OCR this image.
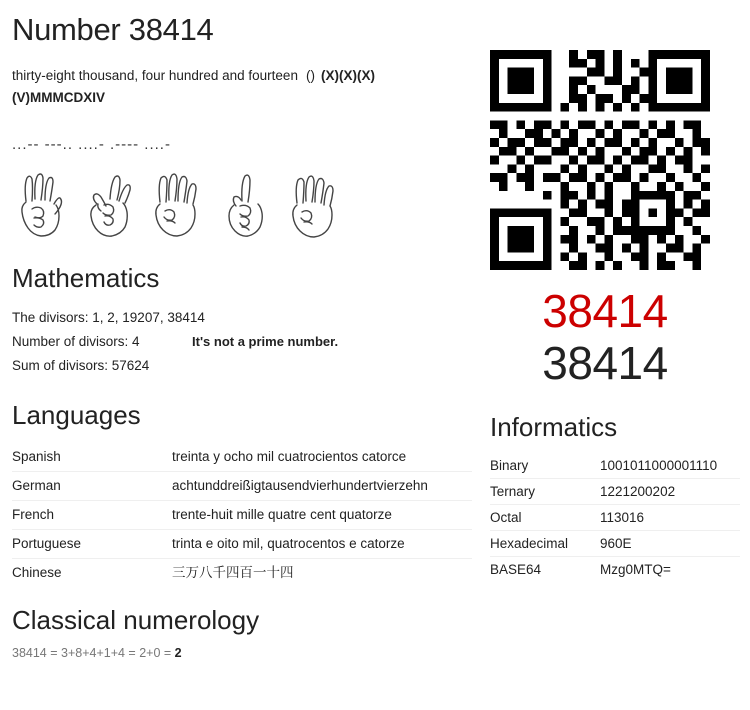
Number 38414
thirty-eight thousand, four hundred and fourteen () (X)(X)(X)
(V)MMMCDXIV
...-- ---.. ....- .---- ....-
Mathematics
The divisors: 1, 2, 19207, 38414
Number of divisors: 4	It's not a prime number.
Sum of divisors: 57624
Languages
Spanish	treinta y ocho mil cuatrocientos catorce
German	achtunddreißigtausendvierhundertvierzehn
French	trente-huit mille quatre cent quatorze
Portuguese	trinta e oito mil, quatrocentos e catorze
Chinese	三万八千四百一十四
Classical numerology
38414 = 3+8+4+1+4 = 2+0 = 2
38414
38414
Informatics
Binary	1001011000001110
Ternary	1221200202
Octal	113016
Hexadecimal	960E
BASE64	Mzg0MTQ=
